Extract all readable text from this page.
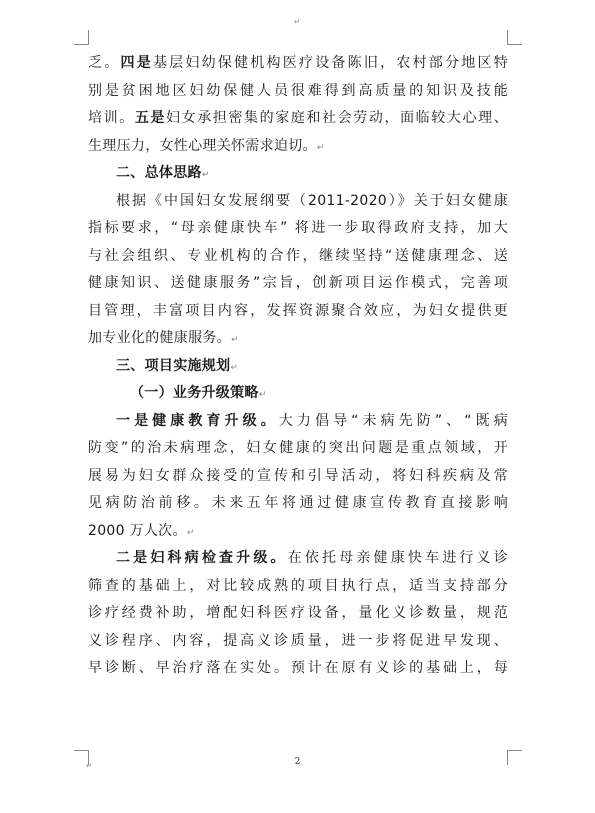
↵
↵
乏。四是基层妇幼保健机构医疗设备陈旧，农村部分地区特
别是贫困地区妇幼保健人员很难得到高质量的知识及技能
培训。五是妇女承担密集的家庭和社会劳动，面临较大心理、
生理压力，女性心理关怀需求迫切。↵
二、总体思路↵
根据《中国妇女发展纲要（2011-2020）》关于妇女健康
指标要求，“母亲健康快车” 将进一步取得政府支持，加大
与社会组织、专业机构的合作，继续坚持“送健康理念、送
健康知识、送健康服务”宗旨，创新项目运作模式，完善项
目管理，丰富项目内容，发挥资源聚合效应，为妇女提供更
加专业化的健康服务。↵
三、项目实施规划↵
（一）业务升级策略↵
一是健康教育升级。大力倡导“未病先防”、“既病
防变”的治未病理念，妇女健康的突出问题是重点领域，开
展易为妇女群众接受的宣传和引导活动，将妇科疾病及常
见病防治前移。未来五年将通过健康宣传教育直接影响
2000 万人次。↵
二是妇科病检查升级。在依托母亲健康快车进行义诊
筛查的基础上，对比较成熟的项目执行点，适当支持部分
诊疗经费补助，增配妇科医疗设备，量化义诊数量，规范
义诊程序、内容，提高义诊质量，进一步将促进早发现、
早诊断、早治疗落在实处。预计在原有义诊的基础上，每
2
